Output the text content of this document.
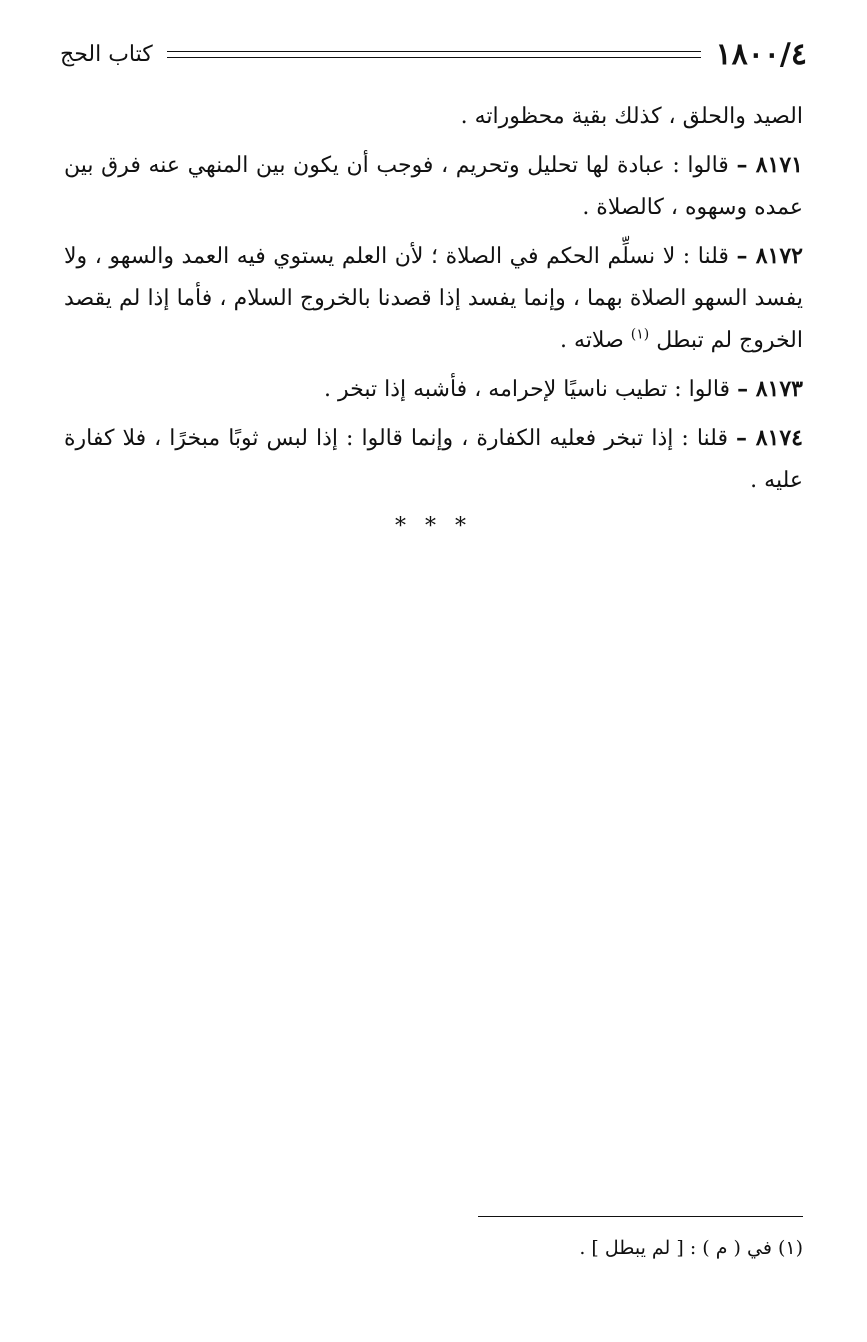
١٨٠٠/٤
كتاب الحج

الصيد والحلق ، كذلك بقية محظوراته .

٨١٧١ – قالوا : عبادة لها تحليل وتحريم ، فوجب أن يكون بين المنهي عنه فرق بين عمده وسهوه ، كالصلاة .

٨١٧٢ – قلنا : لا نسلِّم الحكم في الصلاة ؛ لأن العلم يستوي فيه العمد والسهو ، ولا يفسد السهو الصلاة بهما ، وإنما يفسد إذا قصدنا بالخروج السلام ، فأما إذا لم يقصد الخروج لم تبطل $^{(١)}$ صلاته .

٨١٧٣ – قالوا : تطيب ناسيًا لإحرامه ، فأشبه إذا تبخر .

٨١٧٤ – قلنا : إذا تبخر فعليه الكفارة ، وإنما قالوا : إذا لبس ثوبًا مبخرًا ، فلا كفارة عليه .

* * *
(١) في ( م ) : [ لم يبطل ] .
